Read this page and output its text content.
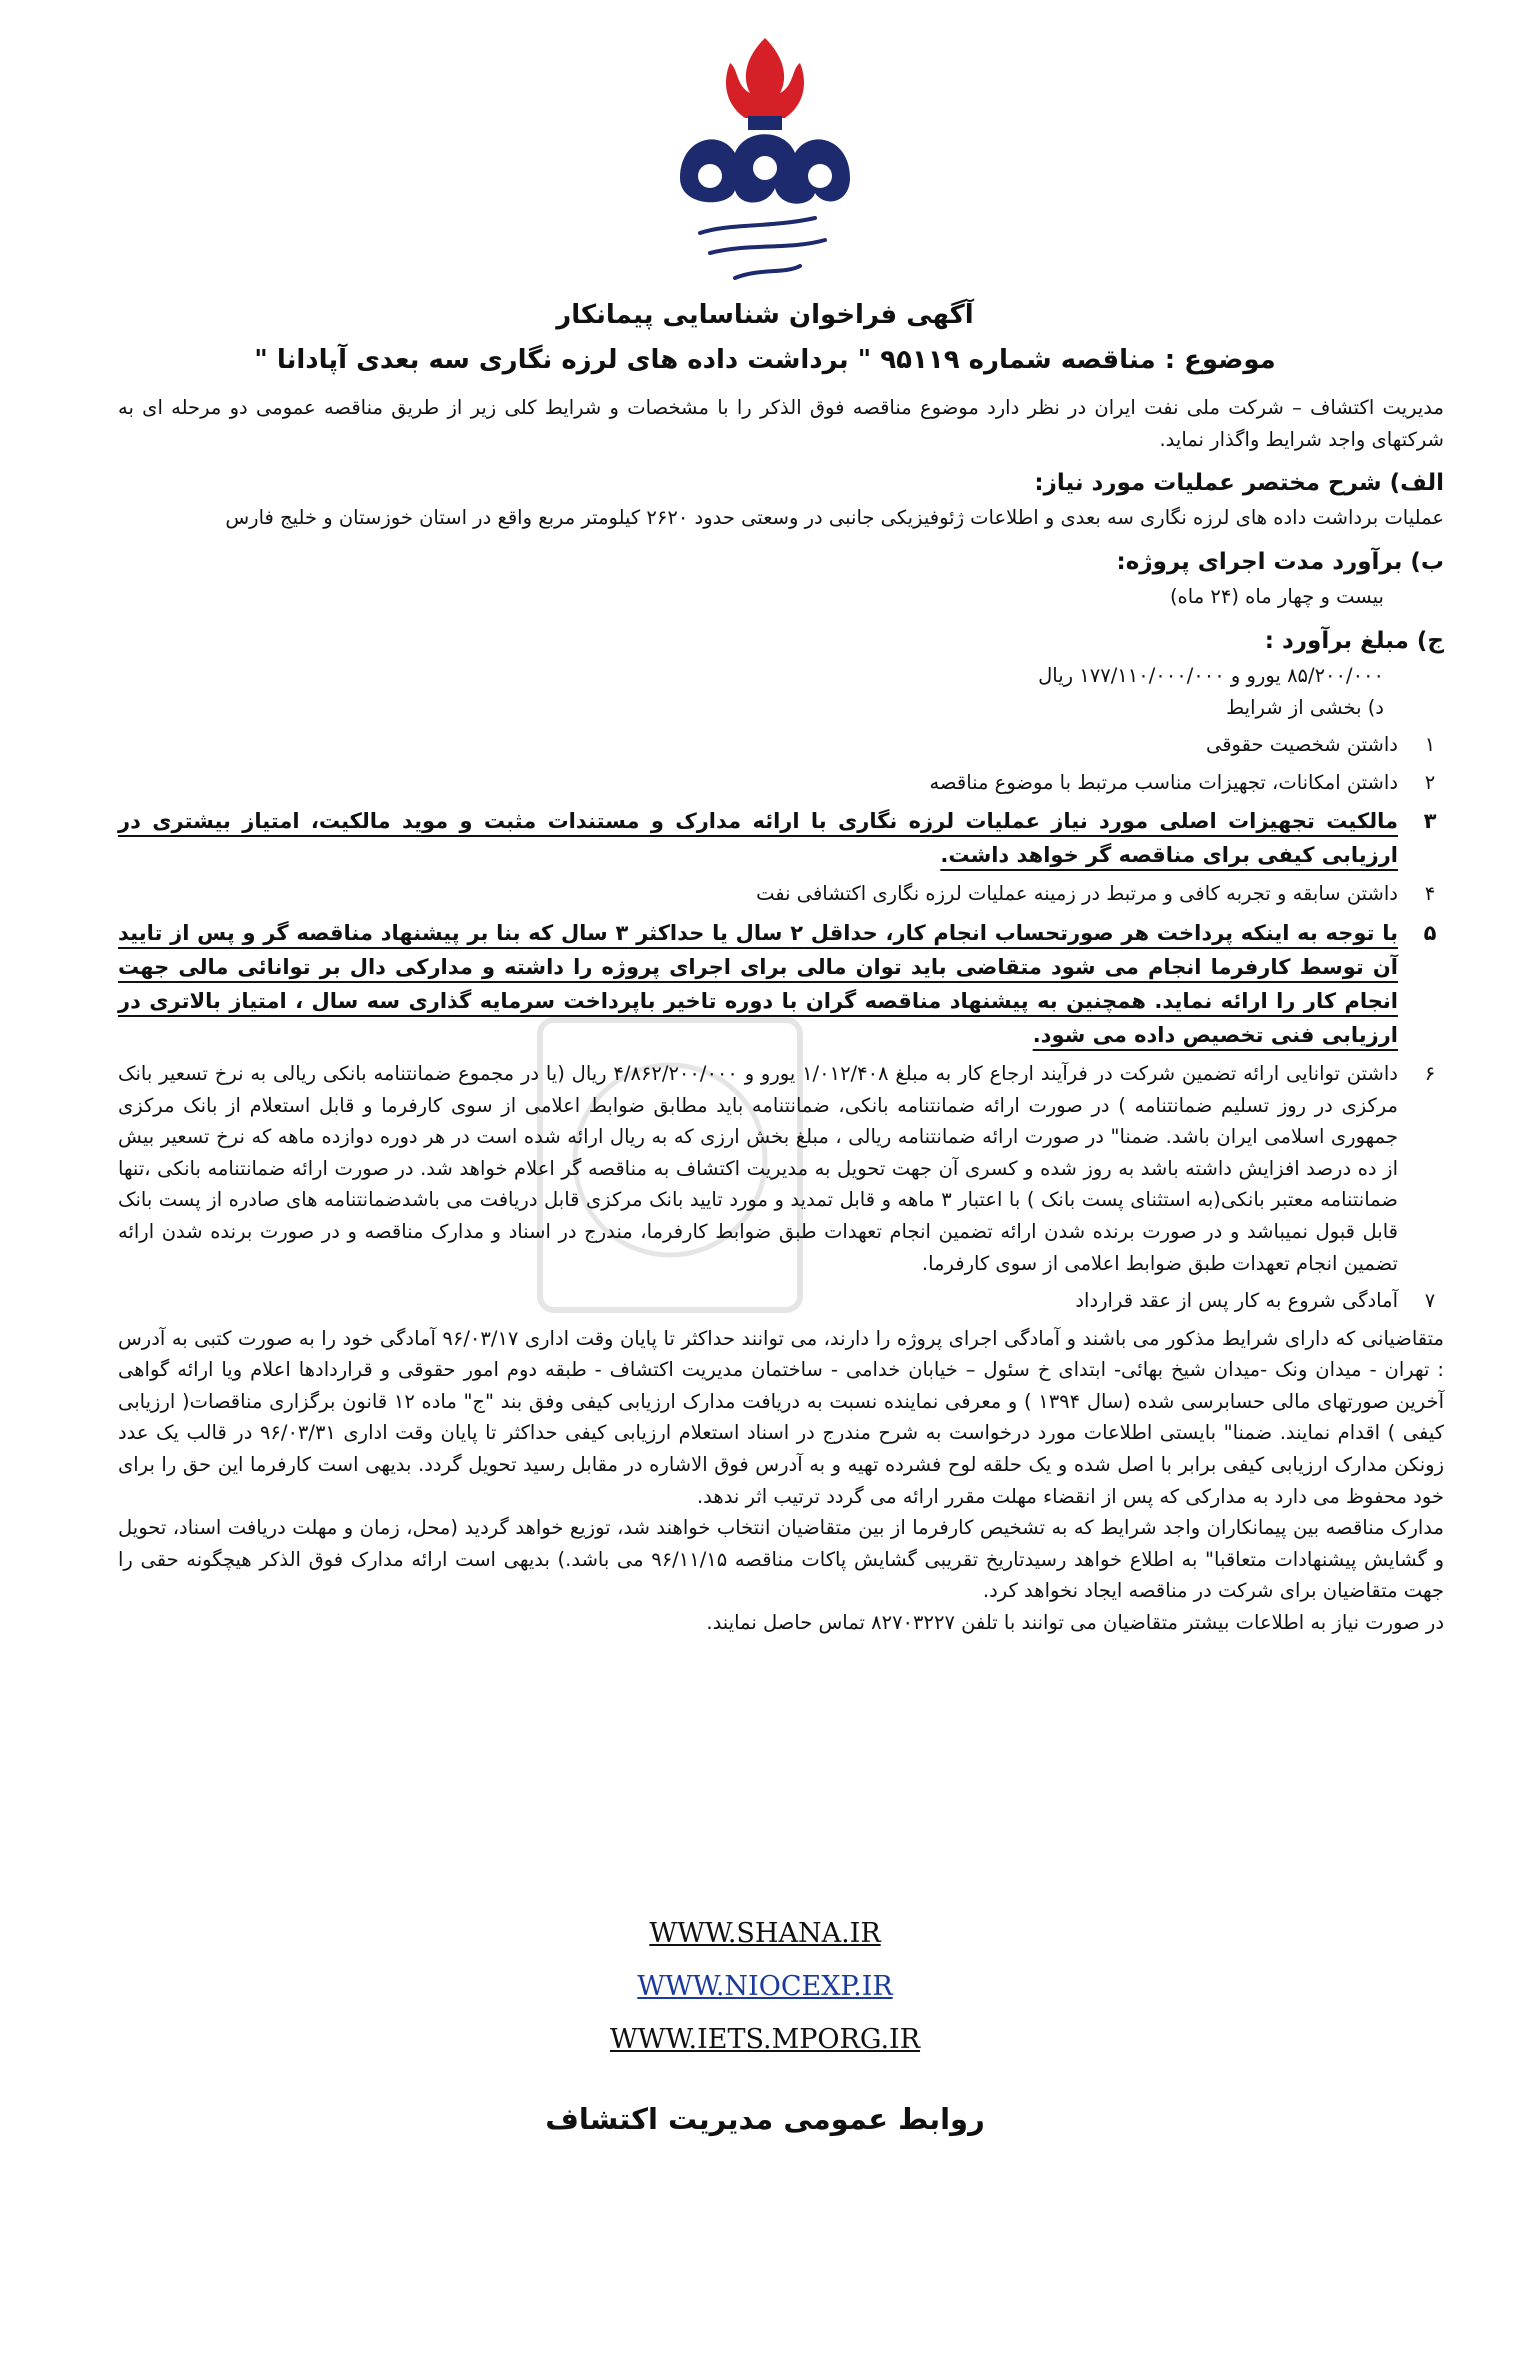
آگهی فراخوان شناسایی پیمانکار
موضوع : مناقصه شماره ۹۵۱۱۹ " برداشت داده های لرزه نگاری سه بعدی آپادانا "

مدیریت اکتشاف – شرکت ملی نفت ایران در نظر دارد موضوع مناقصه فوق الذکر را با مشخصات و شرایط کلی زیر از طریق مناقصه عمومی دو مرحله ای به شرکتهای واجد شرایط واگذار نماید.

الف) شرح مختصر عملیات مورد نیاز:

عملیات برداشت داده های لرزه نگاری سه بعدی و اطلاعات ژئوفیزیکی جانبی در وسعتی حدود ۲۶۲۰ کیلومتر مربع واقع در استان خوزستان و خلیج فارس

ب) برآورد مدت اجرای پروژه:

بیست و چهار ماه (۲۴ ماه)

ج) مبلغ برآورد :

۸۵/۲۰۰/۰۰۰ یورو و ۱۷۷/۱۱۰/۰۰۰/۰۰۰ ریال

د) بخشی از شرایط

۱
داشتن شخصیت حقوقی
۲
داشتن امکانات، تجهیزات مناسب مرتبط با موضوع مناقصه
۳
مالکیت تجهیزات اصلی مورد نیاز عملیات لرزه نگاری با ارائه مدارک و مستندات مثبت و موید مالکیت، امتیاز بیشتری در ارزیابی کیفی برای مناقصه گر خواهد داشت.
۴
داشتن سابقه و تجربه کافی و مرتبط در زمینه عملیات لرزه نگاری اکتشافی نفت
۵
با توجه به اینکه پرداخت هر صورتحساب انجام کار، حداقل ۲ سال یا حداکثر ۳ سال که بنا بر پیشنهاد مناقصه گر و پس از تایید آن توسط کارفرما انجام می شود متقاضی باید توان مالی برای اجرای پروژه را داشته و مدارکی دال بر توانائی مالی جهت انجام کار را ارائه نماید. همچنین به پیشنهاد مناقصه گران با دوره تاخیر باپرداخت سرمایه گذاری سه سال ، امتیاز بالاتری در ارزیابی فنی تخصیص داده می شود.
۶
داشتن توانایی ارائه تضمین شرکت در فرآیند ارجاع کار به مبلغ ۱/۰۱۲/۴۰۸ یورو و ۴/۸۶۲/۲۰۰/۰۰۰ ریال (یا در مجموع ضمانتنامه بانکی ریالی به نرخ تسعیر بانک مرکزی در روز تسلیم ضمانتنامه ) در صورت ارائه ضمانتنامه بانکی، ضمانتنامه باید مطابق ضوابط اعلامی از سوی کارفرما و قابل استعلام از بانک مرکزی جمهوری اسلامی ایران باشد. ضمنا" در صورت ارائه ضمانتنامه ریالی ، مبلغ بخش ارزی که به ریال ارائه شده است در هر دوره دوازده ماهه که نرخ تسعیر بیش از ده درصد افزایش داشته باشد به روز شده و کسری آن جهت تحویل به مدیریت اکتشاف به مناقصه گر اعلام خواهد شد. در صورت ارائه ضمانتنامه بانکی ،تنها ضمانتنامه معتبر بانکی(به استثنای پست بانک ) با اعتبار ۳ ماهه و قابل تمدید و مورد تایید بانک مرکزی قابل دریافت می باشدضمانتنامه های صادره از پست بانک قابل قبول نمیباشد و در صورت برنده شدن ارائه تضمین انجام تعهدات طبق ضوابط کارفرما، مندرج در اسناد و مدارک مناقصه و در صورت برنده شدن ارائه تضمین انجام تعهدات طبق ضوابط اعلامی از سوی کارفرما.
۷
آمادگی شروع به کار پس از عقد قرارداد

متقاضیانی که دارای شرایط مذکور می باشند و آمادگی اجرای پروژه را دارند، می توانند حداکثر تا پایان وقت اداری ۹۶/۰۳/۱۷ آمادگی خود را به صورت کتبی به آدرس : تهران - میدان ونک -میدان شیخ بهائی- ابتدای خ سئول – خیابان خدامی - ساختمان مدیریت اکتشاف - طبقه دوم امور حقوقی و قراردادها اعلام ویا ارائه گواهی آخرین صورتهای مالی حسابرسی شده (سال ۱۳۹۴ ) و معرفی نماینده نسبت به دریافت مدارک ارزیابی کیفی وفق بند "ج" ماده ۱۲ قانون برگزاری مناقصات( ارزیابی کیفی ) اقدام نمایند. ضمنا" بایستی اطلاعات مورد درخواست به شرح مندرج در اسناد استعلام ارزیابی کیفی حداکثر تا پایان وقت اداری ۹۶/۰۳/۳۱ در قالب یک عدد زونکن مدارک ارزیابی کیفی برابر با اصل شده و یک حلقه لوح فشرده تهیه و به آدرس فوق الاشاره در مقابل رسید تحویل گردد. بدیهی است کارفرما این حق را برای خود محفوظ می دارد به مدارکی که پس از انقضاء مهلت مقرر ارائه می گردد ترتیب اثر ندهد.

مدارک مناقصه بین پیمانکاران واجد شرایط که به تشخیص کارفرما از بین متقاضیان انتخاب خواهند شد، توزیع خواهد گردید (محل، زمان و مهلت دریافت اسناد، تحویل و گشایش پیشنهادات متعاقبا" به اطلاع خواهد رسیدتاریخ تقریبی گشایش پاکات مناقصه ۹۶/۱۱/۱۵ می باشد.) بدیهی است ارائه مدارک فوق الذکر هیچگونه حقی را جهت متقاضیان برای شرکت در مناقصه ایجاد نخواهد کرد.

در صورت نیاز به اطلاعات بیشتر متقاضیان می توانند با تلفن ۸۲۷۰۳۲۲۷ تماس حاصل نمایند.

WWW.SHANA.IR
WWW.NIOCEXP.IR
WWW.IETS.MPORG.IR
روابط عمومی مدیریت اکتشاف
